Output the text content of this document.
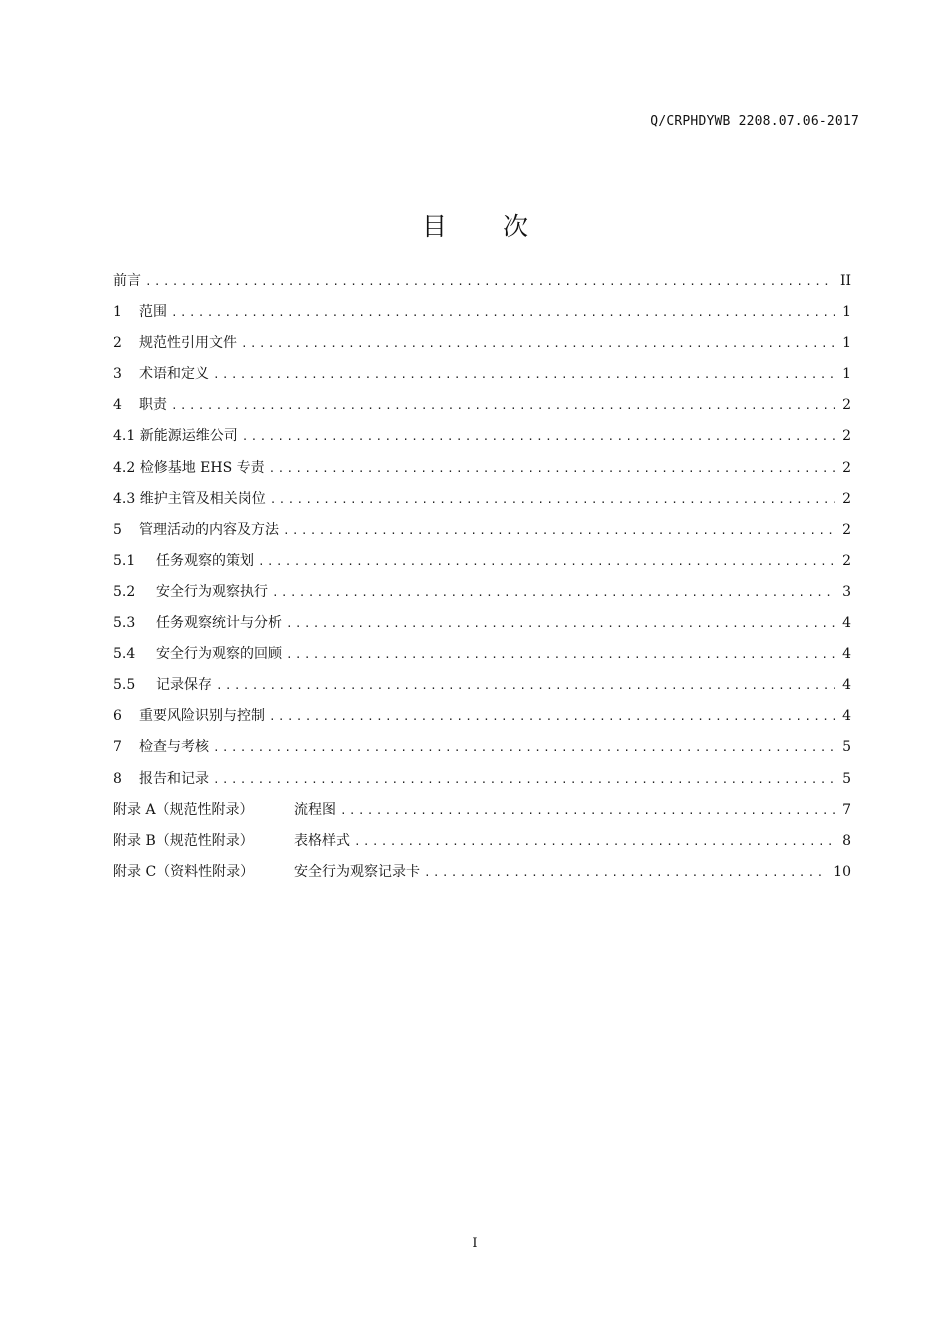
Q/CRPHDYWB 2208.07.06-2017
目 次
前言 .....	II
1	范围 .....	1
2	规范性引用文件 .....	1
3	术语和定义 .....	1
4	职责 .....	2
4.1 新能源运维公司 .....	2
4.2 检修基地 EHS 专责 .....	2
4.3 维护主管及相关岗位 .....	2
5	管理活动的内容及方法 .....	2
5.1	任务观察的策划 .....	2
5.2	安全行为观察执行 .....	3
5.3	任务观察统计与分析 .....	4
5.4	安全行为观察的回顾 .....	4
5.5	记录保存 .....	4
6	重要风险识别与控制 .....	4
7	检查与考核 .....	5
8	报告和记录 .....	5
附录 A（规范性附录）	流程图 .....	7
附录 B（规范性附录）	表格样式 .....	8
附录 C（资料性附录）	安全行为观察记录卡 .....	10
I
